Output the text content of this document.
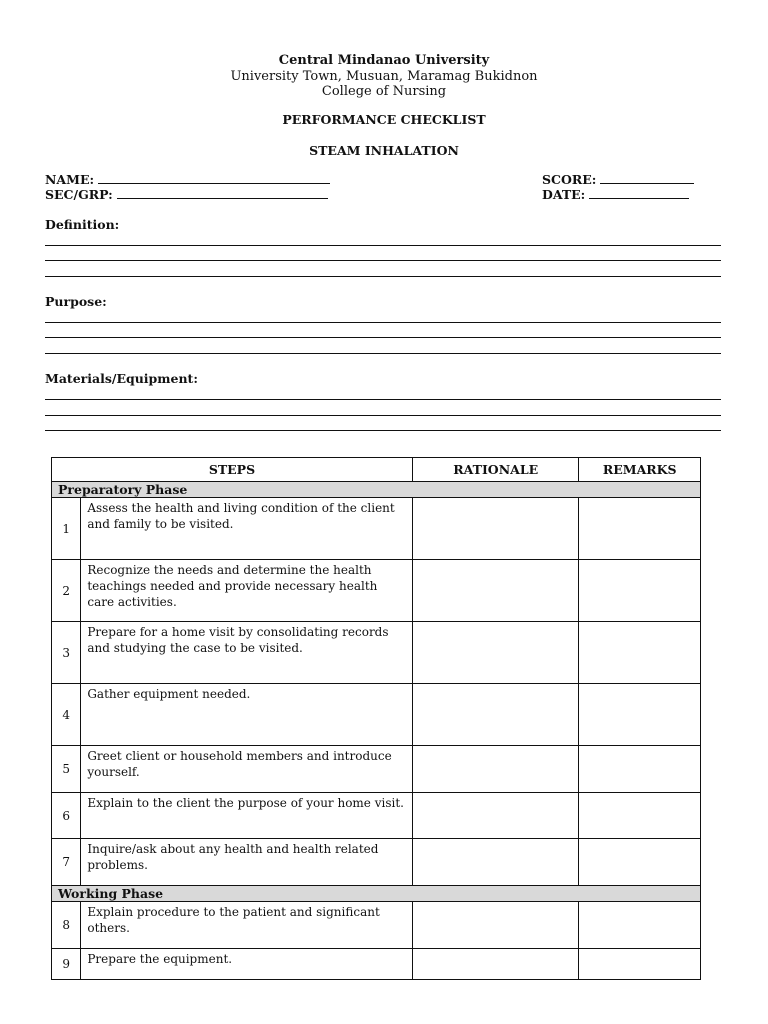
Central Mindanao University
University Town, Musuan, Maramag Bukidnon
College of Nursing
PERFORMANCE CHECKLIST
STEAM INHALATION
NAME:
SEC/GRP:
SCORE:
DATE:
Definition:
Purpose:
Materials/Equipment:
STEPS		RATIONALE	REMARKS
Preparatory Phase			
1	Assess the health and living condition of the client and family to be visited.		
2	Recognize the needs and determine the health teachings needed and provide necessary health care activities.		
3	Prepare for a home visit by consolidating records and studying the case to be visited.		
4	Gather equipment needed.		
5	Greet client or household members and introduce yourself.		
6	Explain to the client the purpose of your home visit.		
7	Inquire/ask about any health and health related problems.		
Working Phase			
8	Explain procedure to the patient and significant others.		
9	Prepare the equipment.		
